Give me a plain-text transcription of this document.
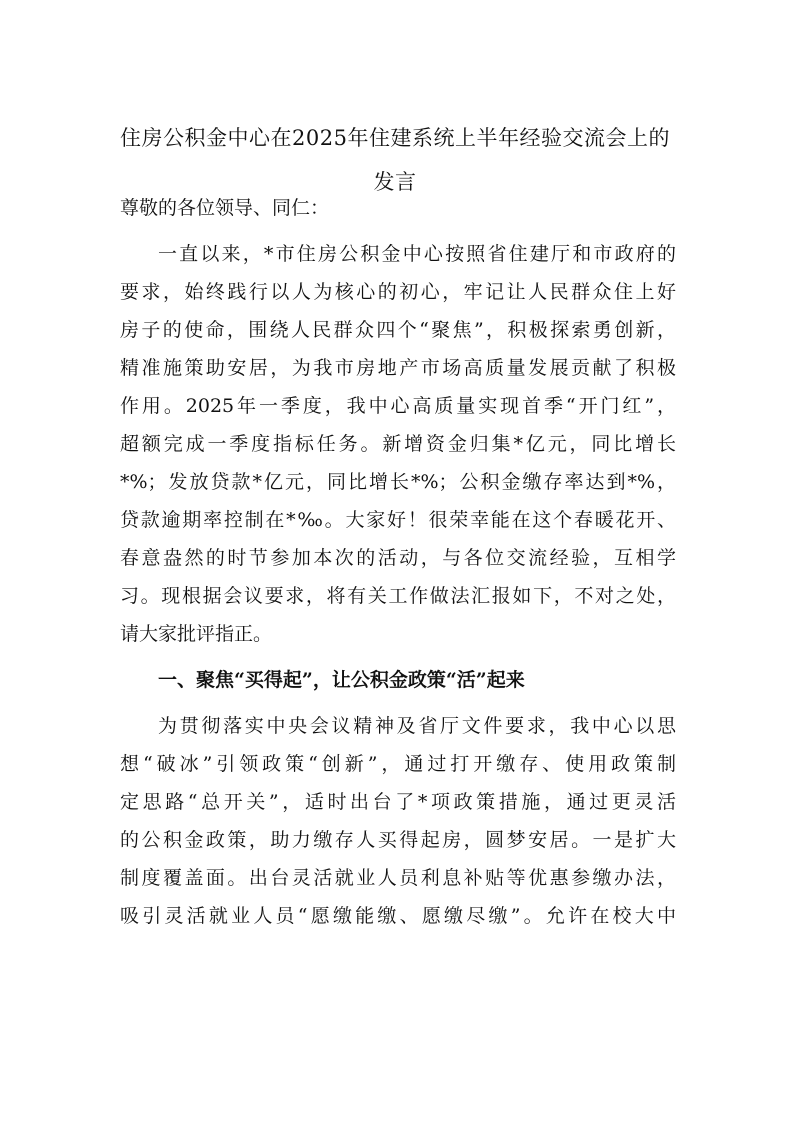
住房公积金中心在2025年住建系统上半年经验交流会上的
发言
尊敬的各位领导、同仁：
一直以来，*市住房公积金中心按照省住建厅和市政府的
要求，始终践行以人为核心的初心，牢记让人民群众住上好
房子的使命，围绕人民群众四个“聚焦”，积极探索勇创新，
精准施策助安居，为我市房地产市场高质量发展贡献了积极
作用。2025年一季度，我中心高质量实现首季“开门红”，
超额完成一季度指标任务。新增资金归集*亿元，同比增长
*%；发放贷款*亿元，同比增长*%；公积金缴存率达到*%，
贷款逾期率控制在*‰。大家好！很荣幸能在这个春暖花开、
春意盎然的时节参加本次的活动，与各位交流经验，互相学
习。现根据会议要求，将有关工作做法汇报如下，不对之处，
请大家批评指正。
一、聚焦“买得起”，让公积金政策“活”起来
为贯彻落实中央会议精神及省厅文件要求，我中心以思
想“破冰”引领政策“创新”，通过打开缴存、使用政策制
定思路“总开关”，适时出台了*项政策措施，通过更灵活
的公积金政策，助力缴存人买得起房，圆梦安居。一是扩大
制度覆盖面。出台灵活就业人员利息补贴等优惠参缴办法，
吸引灵活就业人员“愿缴能缴、愿缴尽缴”。允许在校大中
